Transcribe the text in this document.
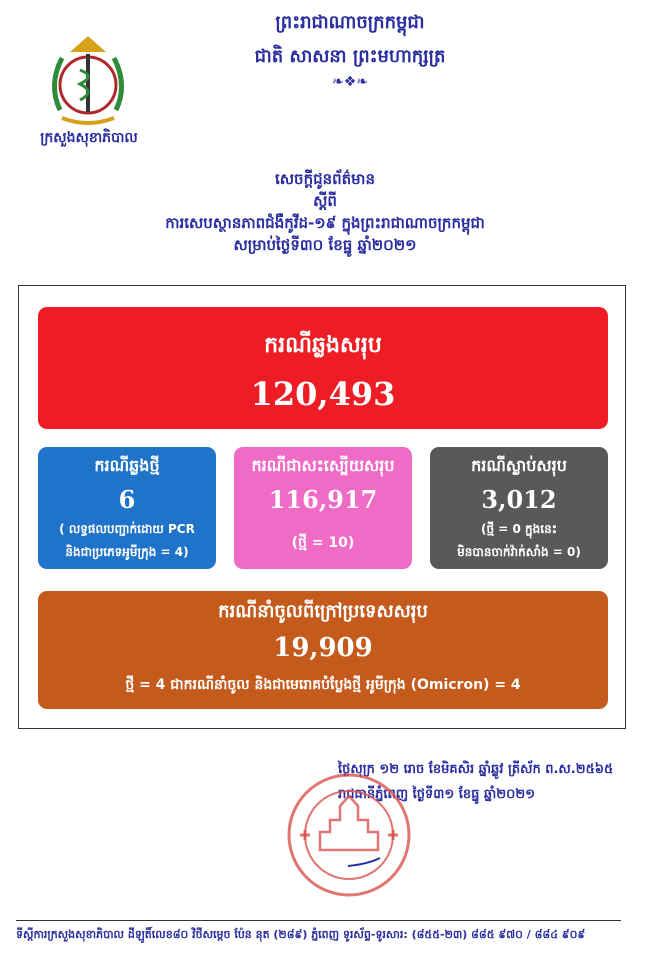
ព្រះរាជាណាចក្រកម្ពុជា
ជាតិ សាសនា ព្រះមហាក្សត្រ
❧❖❧
ក្រសួងសុខាភិបាល
សេចក្តីជូនព័ត៌មាន
ស្តីពី
ការសេបស្ថានភាពជំងឺកូវីដ-១៩ ក្នុងព្រះរាជាណាចក្រកម្ពុជា
សម្រាប់ថ្ងៃទី៣០ ខែធ្នូ ឆ្នាំ២០២១
ករណីឆ្លងសរុប
120,493
ករណីឆ្លងថ្មី
6
( លទ្ធផលបញ្ជាក់ដោយ PCR
និងជាប្រភេទអូមីក្រុង = 4)
ករណីជាសះស្បើយសរុប
116,917
(ថ្មី = 10)
ករណីស្លាប់សរុប
3,012
(ថ្មី = 0 ក្នុងនេះ
មិនបានចាក់វ៉ាក់សាំង = 0)
ករណីនាំចូលពីក្រៅប្រទេសសរុប
19,909
ថ្មី = 4 ជាករណីនាំចូល និងជាមេរោគបំប្លែងថ្មី អូមីក្រុង (Omicron) = 4
ថ្ងៃសុក្រ ១២ រោច ខែមិគសិរ ឆ្នាំឆ្លូវ ត្រីស័ក ព.ស.២៥៦៥
រាជធានីភ្នំពេញ ថ្ងៃទី៣១ ខែធ្នូ ឆ្នាំ២០២១
ទីស្តីការក្រសួងសុខាភិបាល ដីឡូតិ៍លេខ៨០ វិថីសម្តេច ប៉ែន នុត (២៨៩) ភ្នំពេញ ទូរស័ព្ទ-ទូរសារ: (៨៥៥-២៣) ៨៨៥ ៩៧០ / ៨៨៤ ៩០៩
